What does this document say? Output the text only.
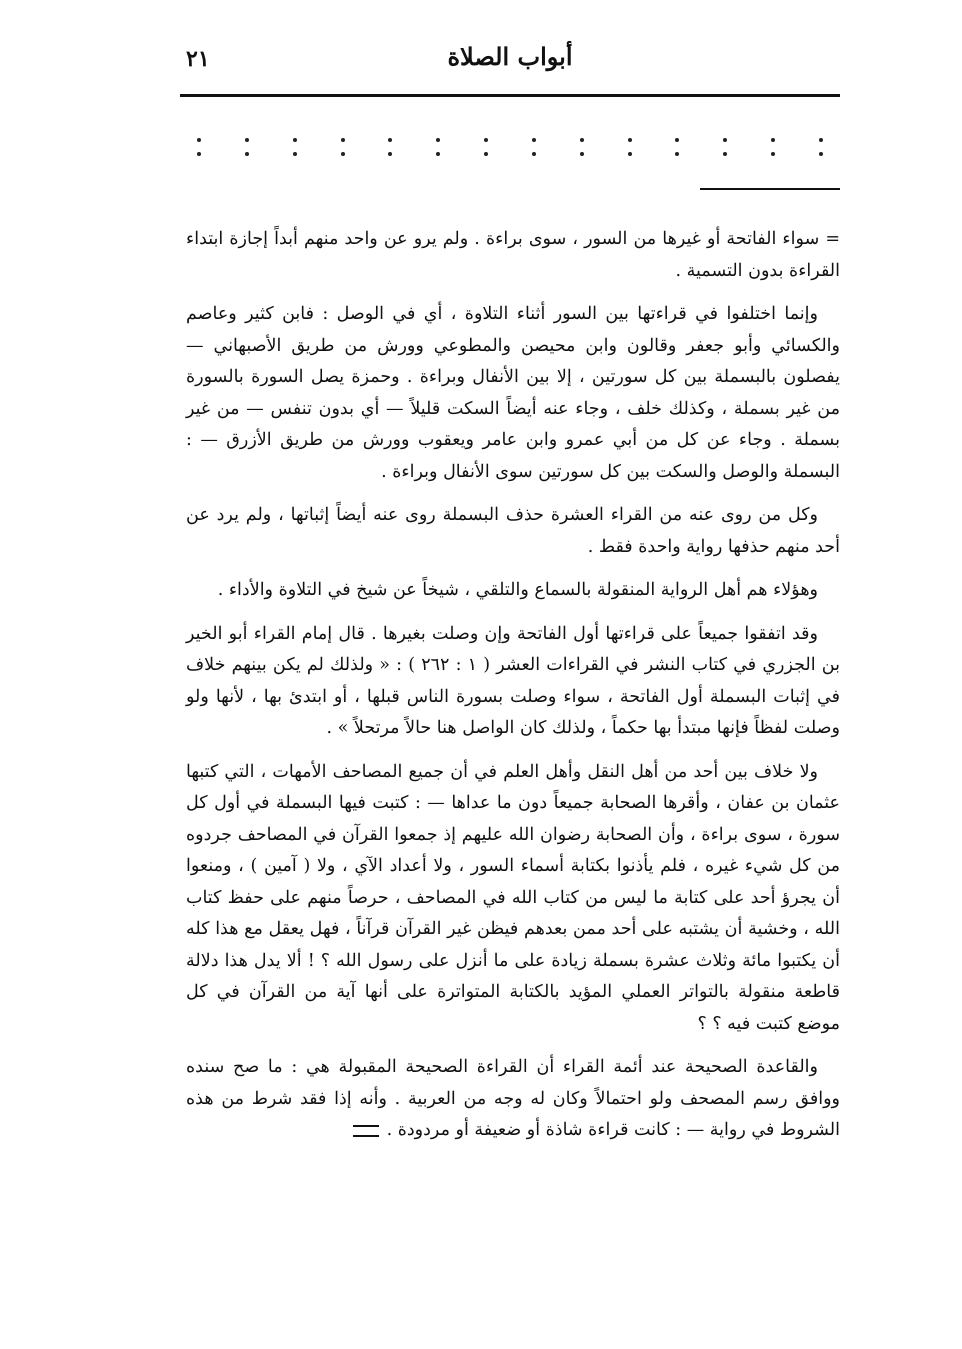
أبواب الصلاة
٢١

= سواء الفاتحة أو غيرها من السور ، سوى براءة . ولم يرو عن واحد منهم أبداً إجازة ابتداء القراءة بدون التسمية .

وإنما اختلفوا في قراءتها بين السور أثناء التلاوة ، أي في الوصل : فابن كثير وعاصم والكسائي وأبو جعفر وقالون وابن محيصن والمطوعي وورش من طريق الأصبهاني — يفصلون بالبسملة بين كل سورتين ، إلا بين الأنفال وبراءة . وحمزة يصل السورة بالسورة من غير بسملة ، وكذلك خلف ، وجاء عنه أيضاً السكت قليلاً — أي بدون تنفس — من غير بسملة . وجاء عن كل من أبي عمرو وابن عامر ويعقوب وورش من طريق الأزرق — : البسملة والوصل والسكت بين كل سورتين سوى الأنفال وبراءة .

وكل من روى عنه من القراء العشرة حذف البسملة روى عنه أيضاً إثباتها ، ولم يرد عن أحد منهم حذفها رواية واحدة فقط .

وهؤلاء هم أهل الرواية المنقولة بالسماع والتلقي ، شيخاً عن شيخ في التلاوة والأداء .

وقد اتفقوا جميعاً على قراءتها أول الفاتحة وإن وصلت بغيرها . قال إمام القراء أبو الخير بن الجزري في كتاب النشر في القراءات العشر ( ١ : ٢٦٢ ) : « ولذلك لم يكن بينهم خلاف في إثبات البسملة أول الفاتحة ، سواء وصلت بسورة الناس قبلها ، أو ابتدئ بها ، لأنها ولو وصلت لفظاً فإنها مبتدأ بها حكماً ، ولذلك كان الواصل هنا حالاً مرتحلاً » .

ولا خلاف بين أحد من أهل النقل وأهل العلم في أن جميع المصاحف الأمهات ، التي كتبها عثمان بن عفان ، وأقرها الصحابة جميعاً دون ما عداها — : كتبت فيها البسملة في أول كل سورة ، سوى براءة ، وأن الصحابة رضوان الله عليهم إذ جمعوا القرآن في المصاحف جردوه من كل شيء غيره ، فلم يأذنوا بكتابة أسماء السور ، ولا أعداد الآي ، ولا ( آمين ) ، ومنعوا أن يجرؤ أحد على كتابة ما ليس من كتاب الله في المصاحف ، حرصاً منهم على حفظ كتاب الله ، وخشية أن يشتبه على أحد ممن بعدهم فيظن غير القرآن قرآناً ، فهل يعقل مع هذا كله أن يكتبوا مائة وثلاث عشرة بسملة زيادة على ما أنزل على رسول الله ؟ ! ألا يدل هذا دلالة قاطعة منقولة بالتواتر العملي المؤيد بالكتابة المتواترة على أنها آية من القرآن في كل موضع كتبت فيه ؟ ؟

والقاعدة الصحيحة عند أئمة القراء أن القراءة الصحيحة المقبولة هي : ما صح سنده ووافق رسم المصحف ولو احتمالاً وكان له وجه من العربية . وأنه إذا فقد شرط من هذه الشروط في رواية — : كانت قراءة شاذة أو ضعيفة أو مردودة .
